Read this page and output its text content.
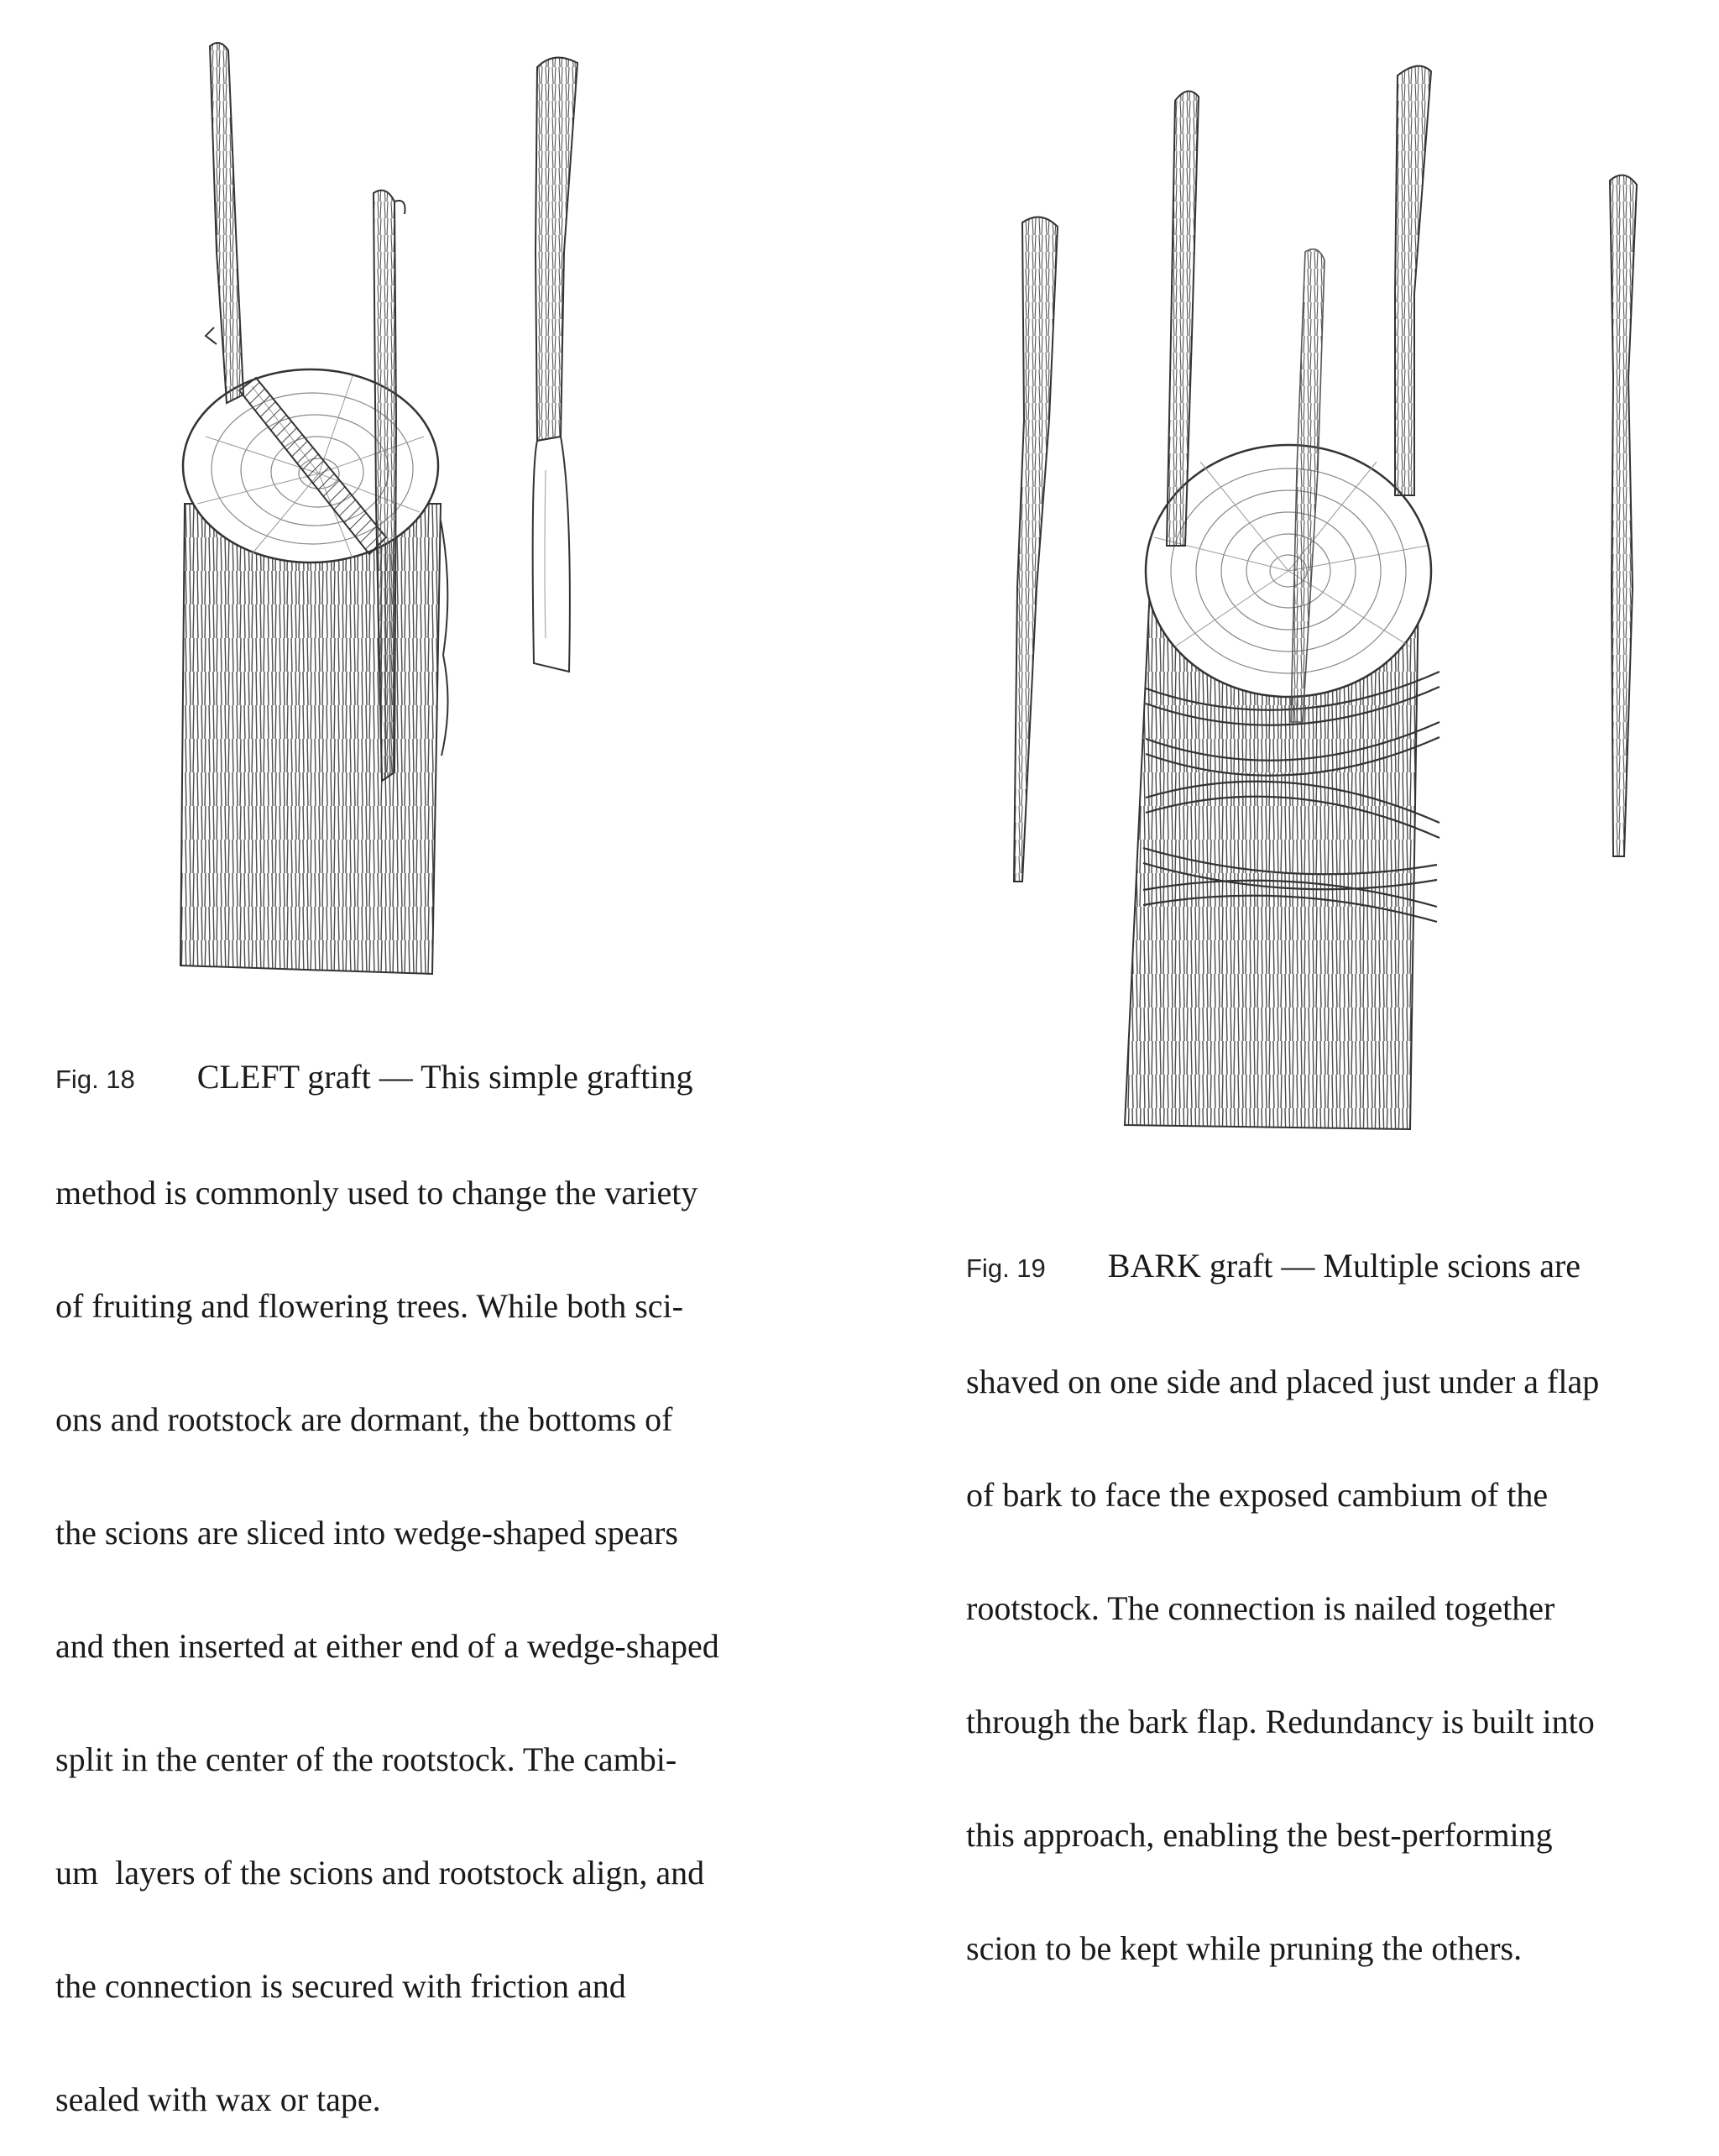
Fig. 18 CLEFT graft — This simple grafting

method is commonly used to change the variety

of fruiting and flowering trees. While both sci-

ons and rootstock are dormant, the bottoms of

the scions are sliced into wedge-shaped spears

and then inserted at either end of a wedge-shaped

split in the center of the rootstock. The cambi-

um  layers of the scions and rootstock align, and

the connection is secured with friction and

sealed with wax or tape.

Fig. 19 BARK graft — Multiple scions are

shaved on one side and placed just under a flap

of bark to face the exposed cambium of the

rootstock. The connection is nailed together

through the bark flap. Redundancy is built into

this approach, enabling the best-performing

scion to be kept while pruning the others.
